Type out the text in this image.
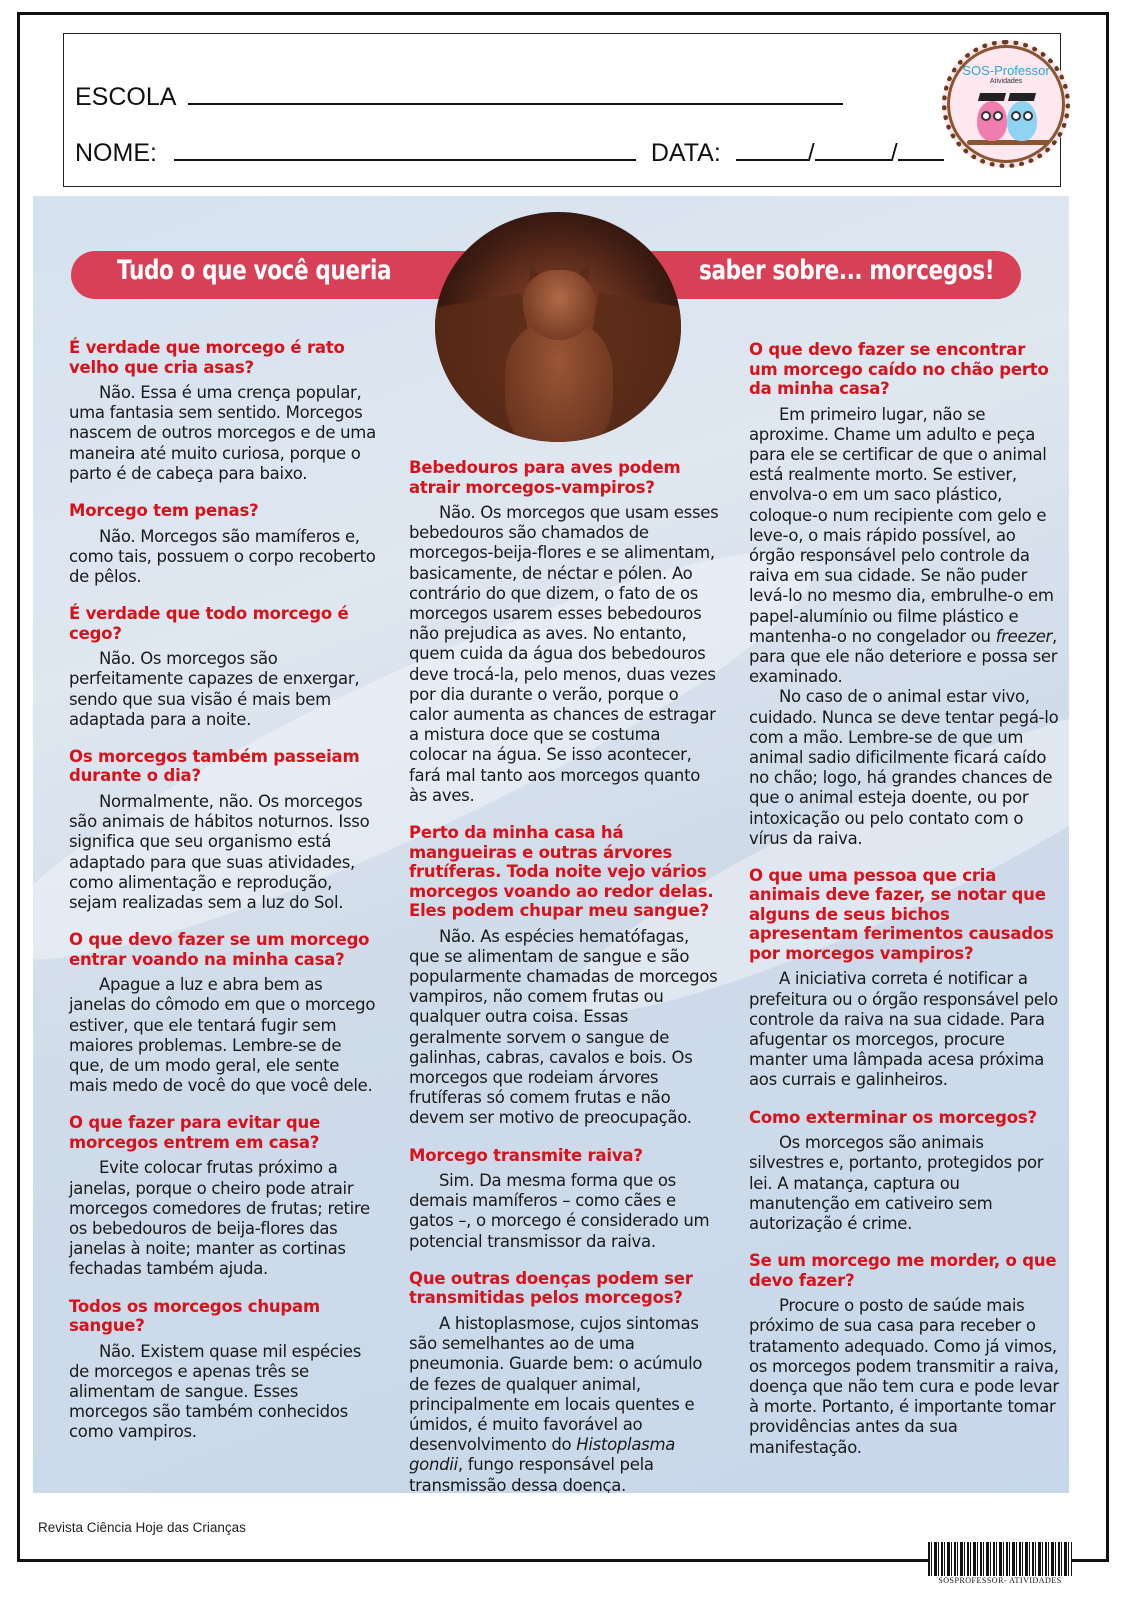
ESCOLA
NOME:	DATA:	/	/
SOS-Professor
Atividades
Tudo o que você queria	saber sobre... morcegos!

É verdade que morcego é rato velho que cria asas?

Não. Essa é uma crença popular, uma fantasia sem sentido. Morcegos nascem de outros morcegos e de uma maneira até muito curiosa, porque o parto é de cabeça para baixo.

Morcego tem penas?

Não. Morcegos são mamíferos e, como tais, possuem o corpo recoberto de pêlos.

É verdade que todo morcego é cego?

Não. Os morcegos são perfeitamente capazes de enxergar, sendo que sua visão é mais bem adaptada para a noite.

Os morcegos também passeiam durante o dia?

Normalmente, não. Os morcegos são animais de hábitos noturnos. Isso significa que seu organismo está adaptado para que suas atividades, como alimentação e reprodução, sejam realizadas sem a luz do Sol.

O que devo fazer se um morcego entrar voando na minha casa?

Apague a luz e abra bem as janelas do cômodo em que o morcego estiver, que ele tentará fugir sem maiores problemas. Lembre-se de que, de um modo geral, ele sente mais medo de você do que você dele.

O que fazer para evitar que morcegos entrem em casa?

Evite colocar frutas próximo a janelas, porque o cheiro pode atrair morcegos comedores de frutas; retire os bebedouros de beija-flores das janelas à noite; manter as cortinas fechadas também ajuda.

Todos os morcegos chupam sangue?

Não. Existem quase mil espécies de morcegos e apenas três se alimentam de sangue. Esses morcegos são também conhecidos como vampiros.

Bebedouros para aves podem atrair morcegos-vampiros?

Não. Os morcegos que usam esses bebedouros são chamados de morcegos-beija-flores e se alimentam, basicamente, de néctar e pólen. Ao contrário do que dizem, o fato de os morcegos usarem esses bebedouros não prejudica as aves. No entanto, quem cuida da água dos bebedouros deve trocá-la, pelo menos, duas vezes por dia durante o verão, porque o calor aumenta as chances de estragar a mistura doce que se costuma colocar na água. Se isso acontecer, fará mal tanto aos morcegos quanto às aves.

Perto da minha casa há mangueiras e outras árvores frutíferas. Toda noite vejo vários morcegos voando ao redor delas. Eles podem chupar meu sangue?

Não. As espécies hematófagas, que se alimentam de sangue e são popularmente chamadas de morcegos vampiros, não comem frutas ou qualquer outra coisa. Essas geralmente sorvem o sangue de galinhas, cabras, cavalos e bois. Os morcegos que rodeiam árvores frutíferas só comem frutas e não devem ser motivo de preocupação.

Morcego transmite raiva?

Sim. Da mesma forma que os demais mamíferos – como cães e gatos –, o morcego é considerado um potencial transmissor da raiva.

Que outras doenças podem ser transmitidas pelos morcegos?

A histoplasmose, cujos sintomas são semelhantes ao de uma pneumonia. Guarde bem: o acúmulo de fezes de qualquer animal, principalmente em locais quentes e úmidos, é muito favorável ao desenvolvimento do Histoplasma gondii, fungo responsável pela transmissão dessa doença.

O que devo fazer se encontrar um morcego caído no chão perto da minha casa?

Em primeiro lugar, não se aproxime. Chame um adulto e peça para ele se certificar de que o animal está realmente morto. Se estiver, envolva-o em um saco plástico, coloque-o num recipiente com gelo e leve-o, o mais rápido possível, ao órgão responsável pelo controle da raiva em sua cidade. Se não puder levá-lo no mesmo dia, embrulhe-o em papel-alumínio ou filme plástico e mantenha-o no congelador ou freezer, para que ele não deteriore e possa ser examinado.

No caso de o animal estar vivo, cuidado. Nunca se deve tentar pegá-lo com a mão. Lembre-se de que um animal sadio dificilmente ficará caído no chão; logo, há grandes chances de que o animal esteja doente, ou por intoxicação ou pelo contato com o vírus da raiva.

O que uma pessoa que cria animais deve fazer, se notar que alguns de seus bichos apresentam ferimentos causados por morcegos vampiros?

A iniciativa correta é notificar a prefeitura ou o órgão responsável pelo controle da raiva na sua cidade. Para afugentar os morcegos, procure manter uma lâmpada acesa próxima aos currais e galinheiros.

Como exterminar os morcegos?

Os morcegos são animais silvestres e, portanto, protegidos por lei. A matança, captura ou manutenção em cativeiro sem autorização é crime.

Se um morcego me morder, o que devo fazer?

Procure o posto de saúde mais próximo de sua casa para receber o tratamento adequado. Como já vimos, os morcegos podem transmitir a raiva, doença que não tem cura e pode levar à morte. Portanto, é importante tomar providências antes da sua manifestação.

Revista Ciência Hoje das Crianças
SOSPROFESSOR- ATIVIDADES
